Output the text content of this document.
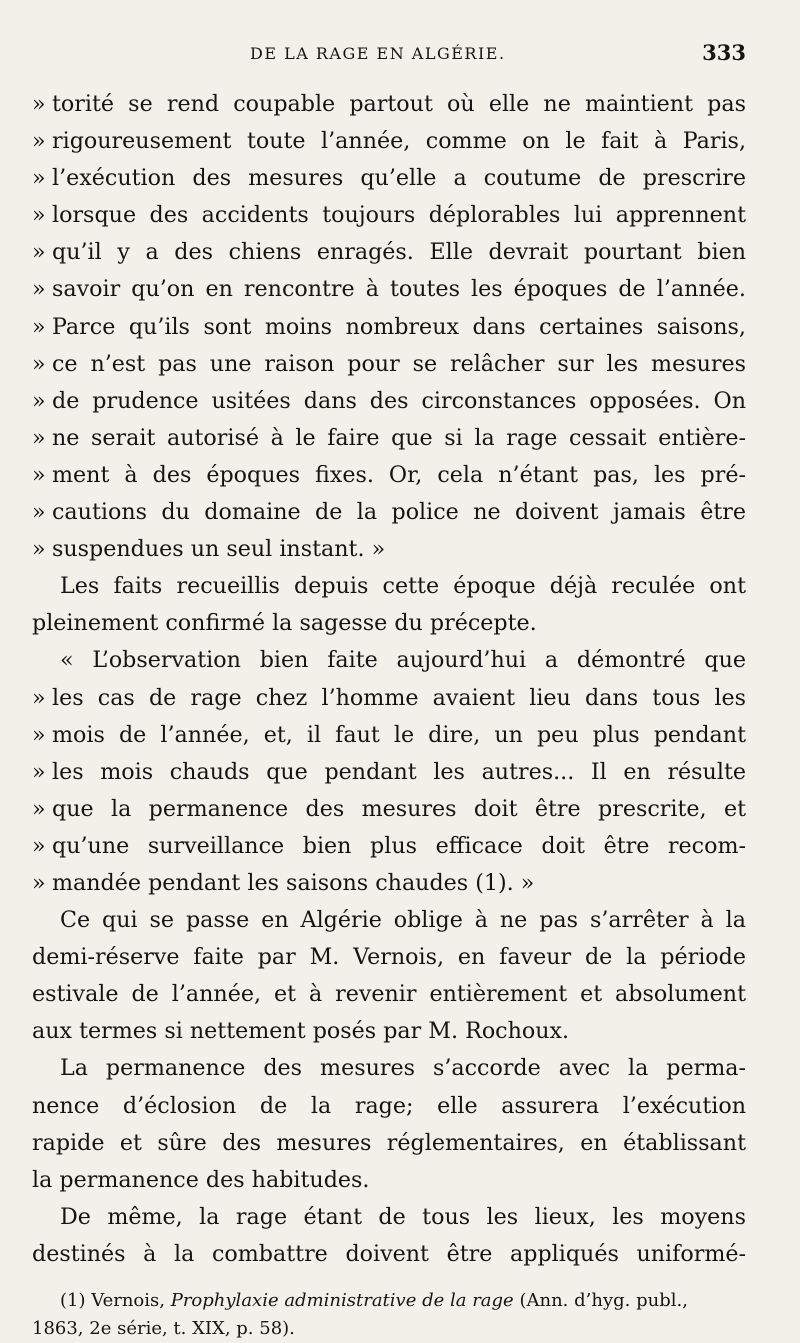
DE LA RAGE EN ALGÉRIE.	333
» torité se rend coupable partout où elle ne maintient pas
» rigoureusement toute l’année, comme on le fait à Paris,
» l’exécution des mesures qu’elle a coutume de prescrire
» lorsque des accidents toujours déplorables lui apprennent
» qu’il y a des chiens enragés. Elle devrait pourtant bien
» savoir qu’on en rencontre à toutes les époques de l’année.
» Parce qu’ils sont moins nombreux dans certaines saisons,
» ce n’est pas une raison pour se relâcher sur les mesures
» de prudence usitées dans des circonstances opposées. On
» ne serait autorisé à le faire que si la rage cessait entière-
» ment à des époques fixes. Or, cela n’étant pas, les pré-
» cautions du domaine de la police ne doivent jamais être
» suspendues un seul instant. »
Les faits recueillis depuis cette époque déjà reculée ont
pleinement confirmé la sagesse du précepte.
« L’observation bien faite aujourd’hui a démontré que
» les cas de rage chez l’homme avaient lieu dans tous les
» mois de l’année, et, il faut le dire, un peu plus pendant
» les mois chauds que pendant les autres... Il en résulte
» que la permanence des mesures doit être prescrite, et
» qu’une surveillance bien plus efficace doit être recom-
» mandée pendant les saisons chaudes (1). »
Ce qui se passe en Algérie oblige à ne pas s’arrêter à la
demi-réserve faite par M. Vernois, en faveur de la période
estivale de l’année, et à revenir entièrement et absolument
aux termes si nettement posés par M. Rochoux.
La permanence des mesures s’accorde avec la perma-
nence d’éclosion de la rage; elle assurera l’exécution
rapide et sûre des mesures réglementaires, en établissant
la permanence des habitudes.
De même, la rage étant de tous les lieux, les moyens
destinés à la combattre doivent être appliqués uniformé-
(1) Vernois, Prophylaxie administrative de la rage (Ann. d’hyg. publ.,
1863, 2e série, t. XIX, p. 58).
